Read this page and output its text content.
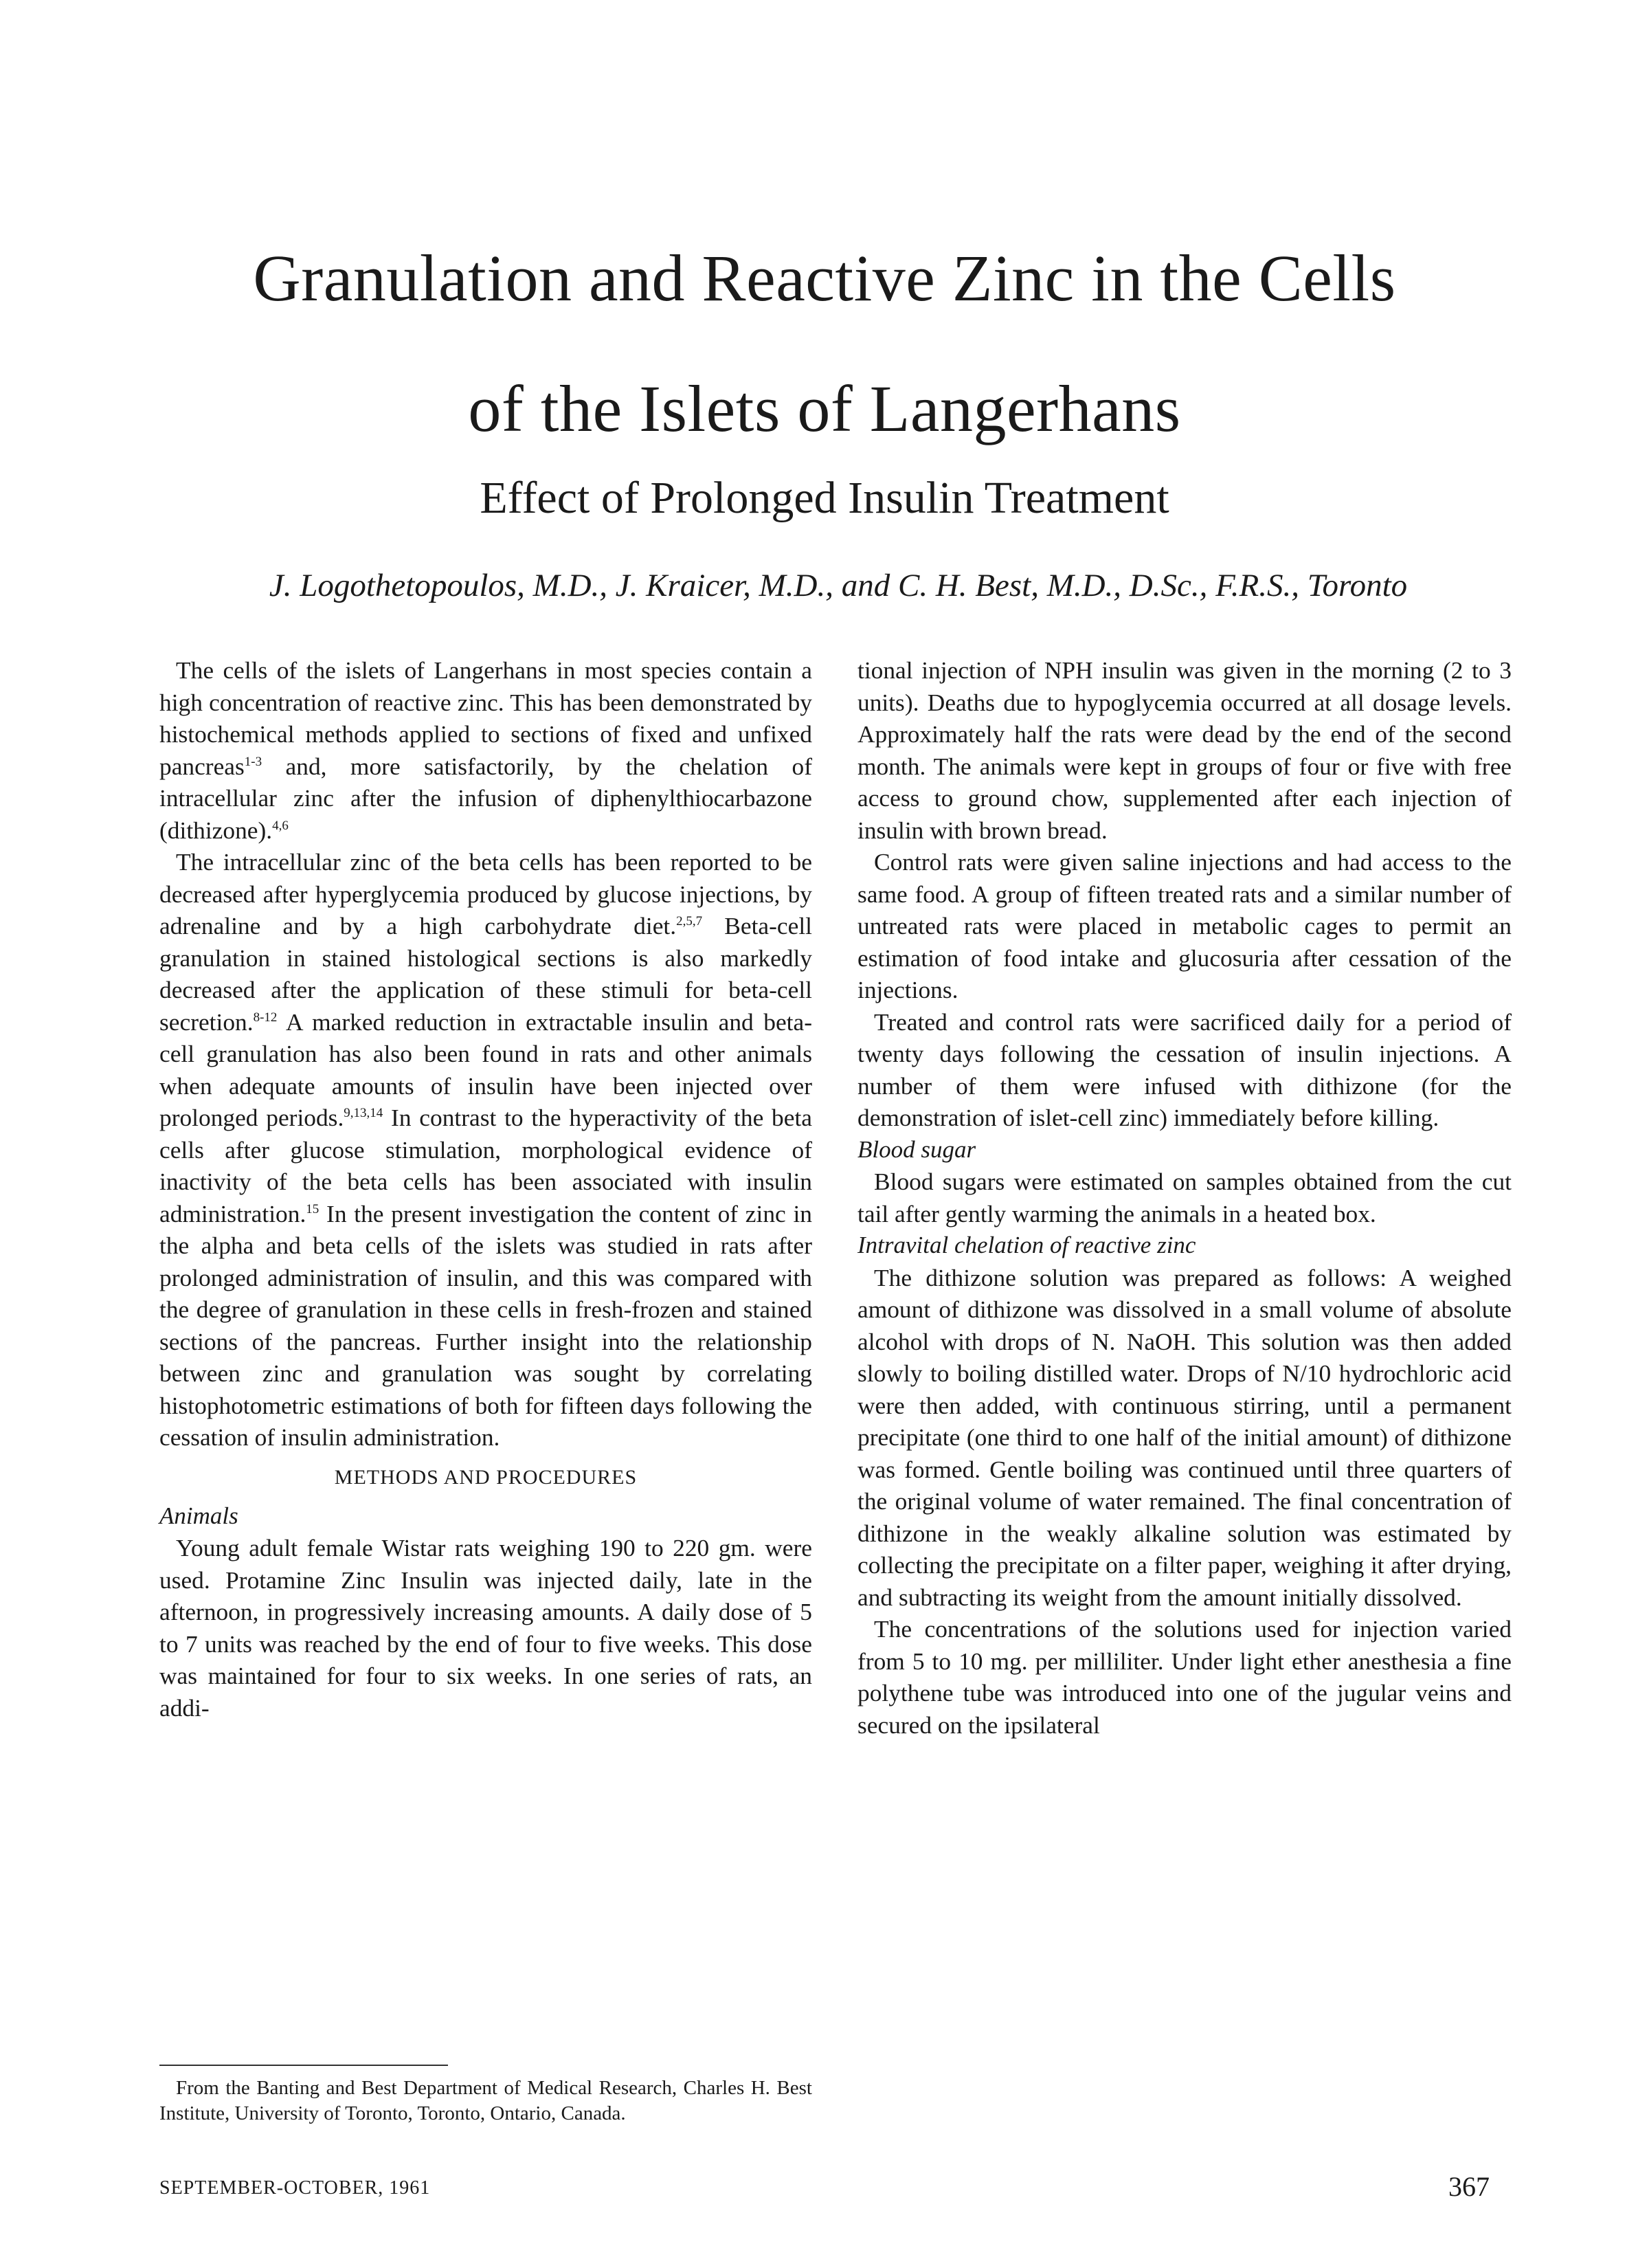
Granulation and Reactive Zinc in the Cells
of the Islets of Langerhans
Effect of Prolonged Insulin Treatment
J. Logothetopoulos, M.D., J. Kraicer, M.D., and C. H. Best, M.D., D.Sc., F.R.S., Toronto

The cells of the islets of Langerhans in most species contain a high concentration of reactive zinc. This has been demonstrated by histochemical methods applied to sections of fixed and unfixed pancreas$^{1-3}$ and, more satisfactorily, by the chelation of intracellular zinc after the infusion of diphenylthiocarbazone (dithizone).$^{4,6}$

The intracellular zinc of the beta cells has been reported to be decreased after hyperglycemia produced by glucose injections, by adrenaline and by a high carbohydrate diet.$^{2,5,7}$ Beta-cell granulation in stained histological sections is also markedly decreased after the application of these stimuli for beta-cell secretion.$^{8-12}$ A marked reduction in extractable insulin and beta-cell granulation has also been found in rats and other animals when adequate amounts of insulin have been injected over prolonged periods.$^{9,13,14}$ In contrast to the hyperactivity of the beta cells after glucose stimulation, morphological evidence of inactivity of the beta cells has been associated with insulin administration.$^{15}$ In the present investigation the content of zinc in the alpha and beta cells of the islets was studied in rats after prolonged administration of insulin, and this was compared with the degree of granulation in these cells in fresh-frozen and stained sections of the pancreas. Further insight into the relationship between zinc and granulation was sought by correlating histophotometric estimations of both for fifteen days following the cessation of insulin administration.

METHODS AND PROCEDURES
Animals

Young adult female Wistar rats weighing 190 to 220 gm. were used. Protamine Zinc Insulin was injected daily, late in the afternoon, in progressively increasing amounts. A daily dose of 5 to 7 units was reached by the end of four to five weeks. This dose was maintained for four to six weeks. In one series of rats, an addi-

tional injection of NPH insulin was given in the morning (2 to 3 units). Deaths due to hypoglycemia occurred at all dosage levels. Approximately half the rats were dead by the end of the second month. The animals were kept in groups of four or five with free access to ground chow, supplemented after each injection of insulin with brown bread.

Control rats were given saline injections and had access to the same food. A group of fifteen treated rats and a similar number of untreated rats were placed in metabolic cages to permit an estimation of food intake and glucosuria after cessation of the injections.

Treated and control rats were sacrificed daily for a period of twenty days following the cessation of insulin injections. A number of them were infused with dithizone (for the demonstration of islet-cell zinc) immediately before killing.

Blood sugar

Blood sugars were estimated on samples obtained from the cut tail after gently warming the animals in a heated box.

Intravital chelation of reactive zinc

The dithizone solution was prepared as follows: A weighed amount of dithizone was dissolved in a small volume of absolute alcohol with drops of N. NaOH. This solution was then added slowly to boiling distilled water. Drops of N/10 hydrochloric acid were then added, with continuous stirring, until a permanent precipitate (one third to one half of the initial amount) of dithizone was formed. Gentle boiling was continued until three quarters of the original volume of water remained. The final concentration of dithizone in the weakly alkaline solution was estimated by collecting the precipitate on a filter paper, weighing it after drying, and subtracting its weight from the amount initially dissolved.

The concentrations of the solutions used for injection varied from 5 to 10 mg. per milliliter. Under light ether anesthesia a fine polythene tube was introduced into one of the jugular veins and secured on the ipsilateral

From the Banting and Best Department of Medical Research, Charles H. Best Institute, University of Toronto, Toronto, Ontario, Canada.
SEPTEMBER-OCTOBER, 1961	367
